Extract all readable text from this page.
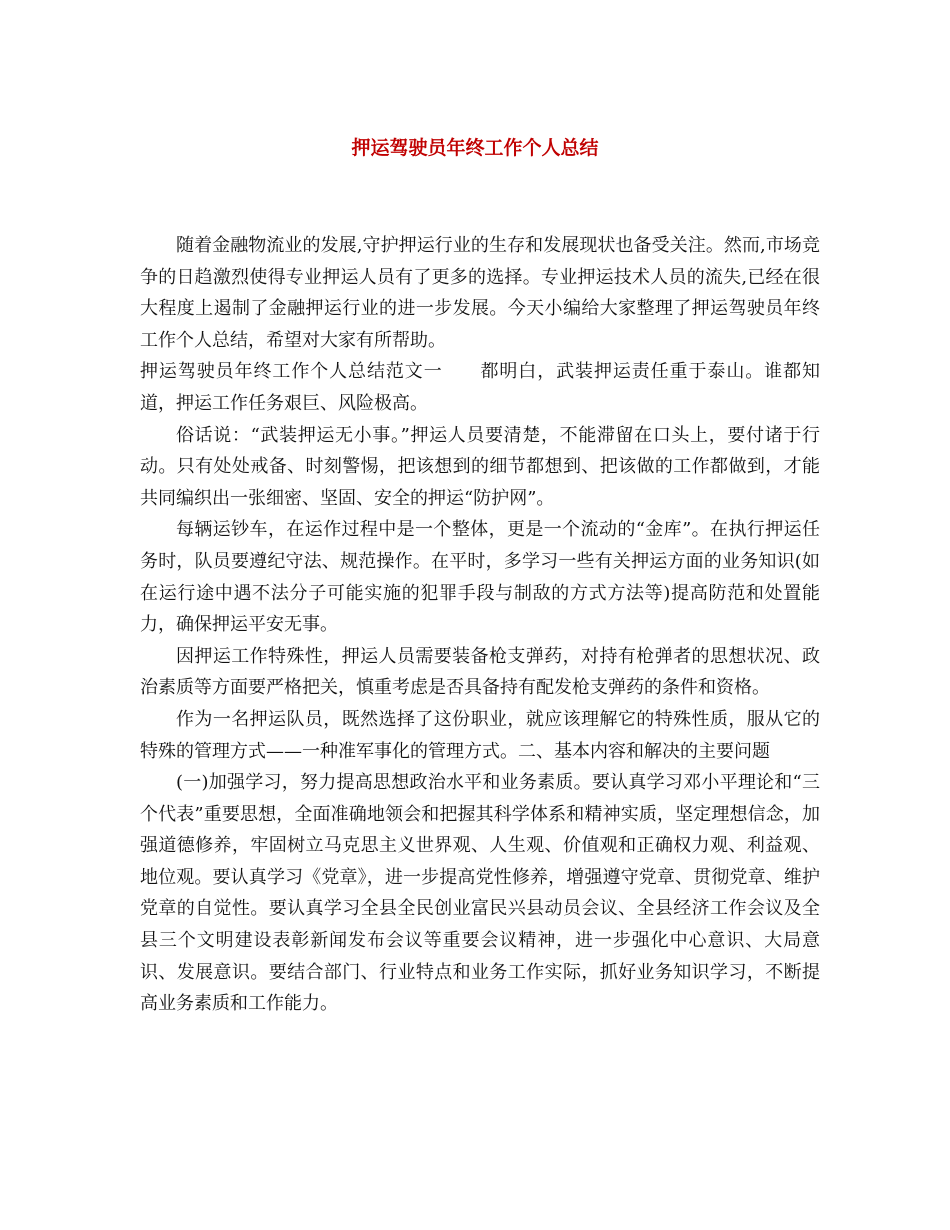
押运驾驶员年终工作个人总结

随着金融物流业的发展,守护押运行业的生存和发展现状也备受关注。然而,市场竞争的日趋激烈使得专业押运人员有了更多的选择。专业押运技术人员的流失,已经在很大程度上遏制了金融押运行业的进一步发展。今天小编给大家整理了押运驾驶员年终工作个人总结，希望对大家有所帮助。

押运驾驶员年终工作个人总结范文一　　都明白，武装押运责任重于泰山。谁都知道，押运工作任务艰巨、风险极高。

俗话说：“武装押运无小事。”押运人员要清楚，不能滞留在口头上，要付诸于行动。只有处处戒备、时刻警惕，把该想到的细节都想到、把该做的工作都做到，才能共同编织出一张细密、坚固、安全的押运“防护网”。

每辆运钞车，在运作过程中是一个整体，更是一个流动的“金库”。在执行押运任务时，队员要遵纪守法、规范操作。在平时，多学习一些有关押运方面的业务知识(如在运行途中遇不法分子可能实施的犯罪手段与制敌的方式方法等)提高防范和处置能力，确保押运平安无事。

因押运工作特殊性，押运人员需要装备枪支弹药，对持有枪弹者的思想状况、政治素质等方面要严格把关，慎重考虑是否具备持有配发枪支弹药的条件和资格。

作为一名押运队员，既然选择了这份职业，就应该理解它的特殊性质，服从它的特殊的管理方式——一种准军事化的管理方式。二、基本内容和解决的主要问题

(一)加强学习，努力提高思想政治水平和业务素质。要认真学习邓小平理论和“三个代表”重要思想，全面准确地领会和把握其科学体系和精神实质，坚定理想信念，加强道德修养，牢固树立马克思主义世界观、人生观、价值观和正确权力观、利益观、地位观。要认真学习《党章》，进一步提高党性修养，增强遵守党章、贯彻党章、维护党章的自觉性。要认真学习全县全民创业富民兴县动员会议、全县经济工作会议及全县三个文明建设表彰新闻发布会议等重要会议精神，进一步强化中心意识、大局意识、发展意识。要结合部门、行业特点和业务工作实际，抓好业务知识学习，不断提高业务素质和工作能力。
